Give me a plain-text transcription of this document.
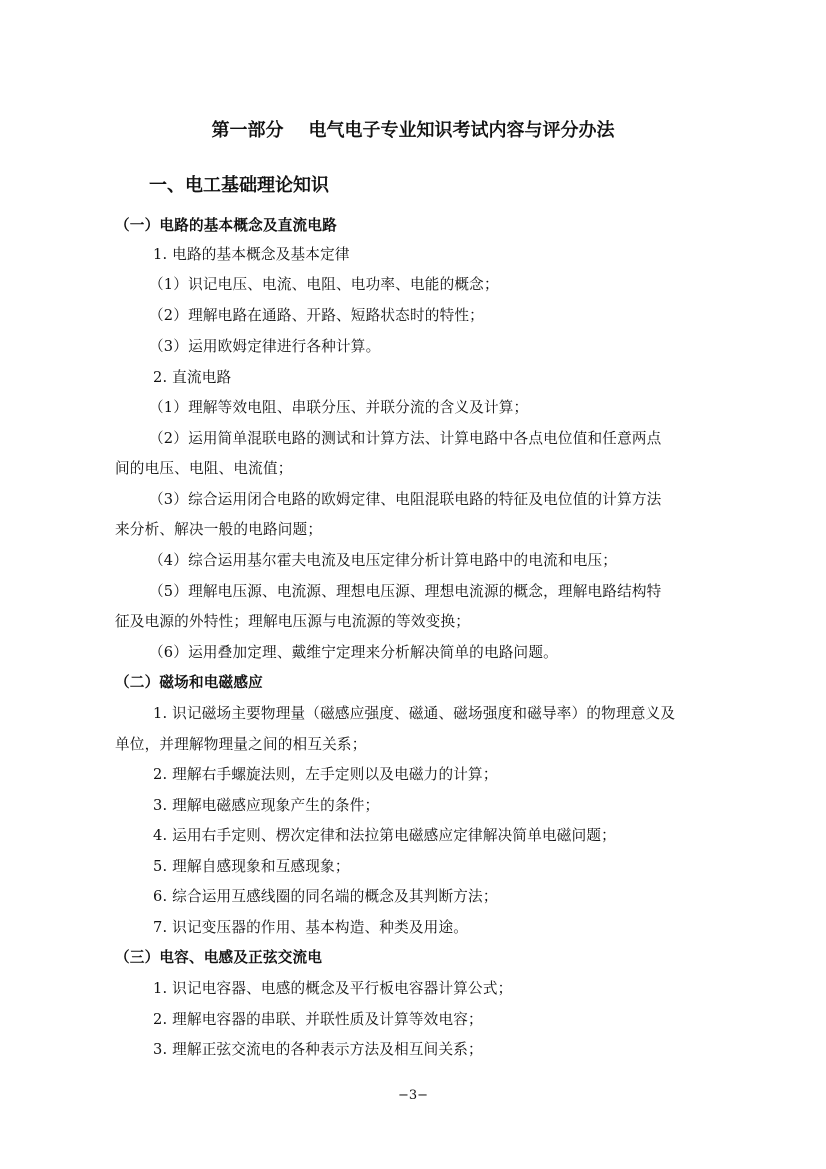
第一部分    电气电子专业知识考试内容与评分办法
一、电工基础理论知识
（一）电路的基本概念及直流电路
1. 电路的基本概念及基本定律
（1）识记电压、电流、电阻、电功率、电能的概念；
（2）理解电路在通路、开路、短路状态时的特性；
（3）运用欧姆定律进行各种计算。
2. 直流电路
（1）理解等效电阻、串联分压、并联分流的含义及计算；
（2）运用简单混联电路的测试和计算方法、计算电路中各点电位值和任意两点
间的电压、电阻、电流值；
（3）综合运用闭合电路的欧姆定律、电阻混联电路的特征及电位值的计算方法
来分析、解决一般的电路问题；
（4）综合运用基尔霍夫电流及电压定律分析计算电路中的电流和电压；
（5）理解电压源、电流源、理想电压源、理想电流源的概念，理解电路结构特
征及电源的外特性；理解电压源与电流源的等效变换；
（6）运用叠加定理、戴维宁定理来分析解决简单的电路问题。
（二）磁场和电磁感应
1. 识记磁场主要物理量（磁感应强度、磁通、磁场强度和磁导率）的物理意义及
单位，并理解物理量之间的相互关系；
2. 理解右手螺旋法则，左手定则以及电磁力的计算；
3. 理解电磁感应现象产生的条件；
4. 运用右手定则、楞次定律和法拉第电磁感应定律解决简单电磁问题；
5. 理解自感现象和互感现象；
6. 综合运用互感线圈的同名端的概念及其判断方法；
7. 识记变压器的作用、基本构造、种类及用途。
（三）电容、电感及正弦交流电
1. 识记电容器、电感的概念及平行板电容器计算公式；
2. 理解电容器的串联、并联性质及计算等效电容；
3. 理解正弦交流电的各种表示方法及相互间关系；
−3−
